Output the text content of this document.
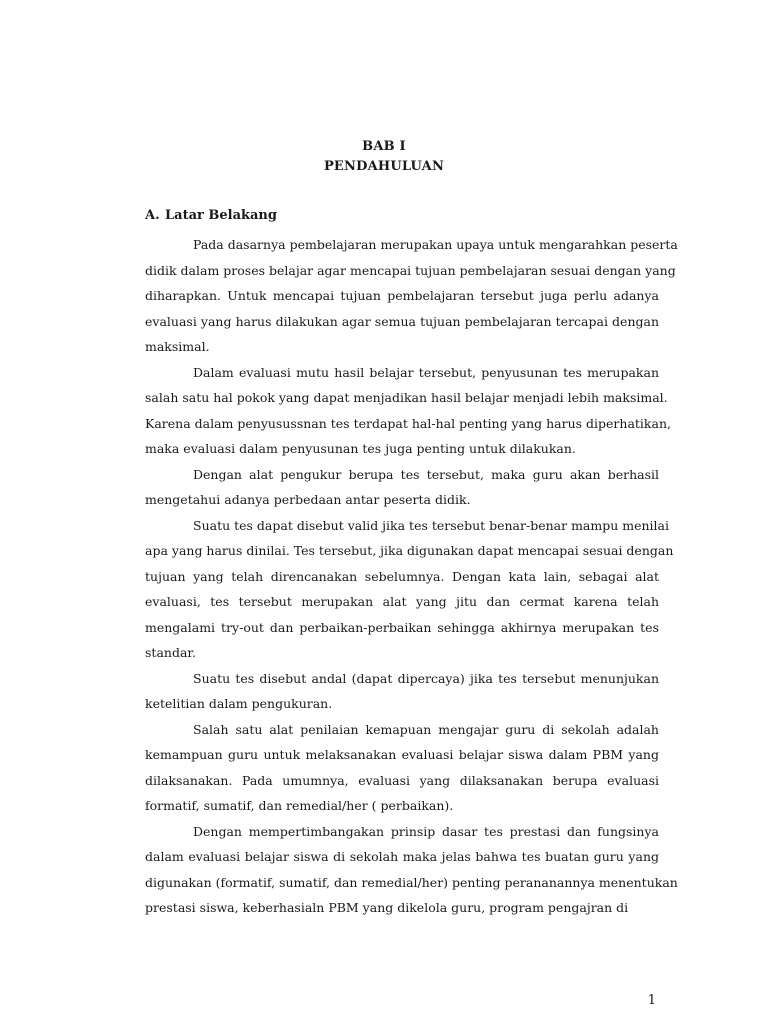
BAB I
PENDAHULUAN
A. Latar Belakang
Pada dasarnya pembelajaran merupakan upaya untuk mengarahkan peserta
didik dalam proses belajar agar mencapai tujuan pembelajaran sesuai dengan yang
diharapkan. Untuk mencapai tujuan pembelajaran tersebut juga perlu adanya
evaluasi yang harus dilakukan agar semua tujuan pembelajaran tercapai dengan
maksimal.
Dalam evaluasi mutu hasil belajar tersebut, penyusunan tes merupakan
salah satu hal pokok yang dapat menjadikan hasil belajar menjadi lebih maksimal.
Karena dalam penyusussnan tes terdapat hal-hal penting yang harus diperhatikan,
maka evaluasi dalam penyusunan tes juga penting untuk dilakukan.
Dengan alat pengukur berupa tes tersebut, maka guru akan berhasil
mengetahui adanya perbedaan antar peserta didik.
Suatu tes dapat disebut valid jika tes tersebut benar-benar mampu menilai
apa yang harus dinilai. Tes tersebut, jika digunakan dapat mencapai sesuai dengan
tujuan yang telah direncanakan sebelumnya. Dengan kata lain, sebagai alat
evaluasi, tes tersebut merupakan alat yang jitu dan cermat karena telah
mengalami try-out dan perbaikan-perbaikan sehingga akhirnya merupakan tes
standar.
Suatu tes disebut andal (dapat dipercaya) jika tes tersebut menunjukan
ketelitian dalam pengukuran.
Salah satu alat penilaian kemapuan mengajar guru di sekolah adalah
kemampuan guru untuk melaksanakan evaluasi belajar siswa dalam PBM yang
dilaksanakan. Pada umumnya, evaluasi yang dilaksanakan berupa evaluasi
formatif, sumatif, dan remedial/her ( perbaikan).
Dengan mempertimbangakan prinsip dasar tes prestasi dan fungsinya
dalam evaluasi belajar siswa di sekolah maka jelas bahwa tes buatan guru yang
digunakan (formatif, sumatif, dan remedial/her) penting perananannya menentukan
prestasi siswa, keberhasialn PBM yang dikelola guru, program pengajran di
1
